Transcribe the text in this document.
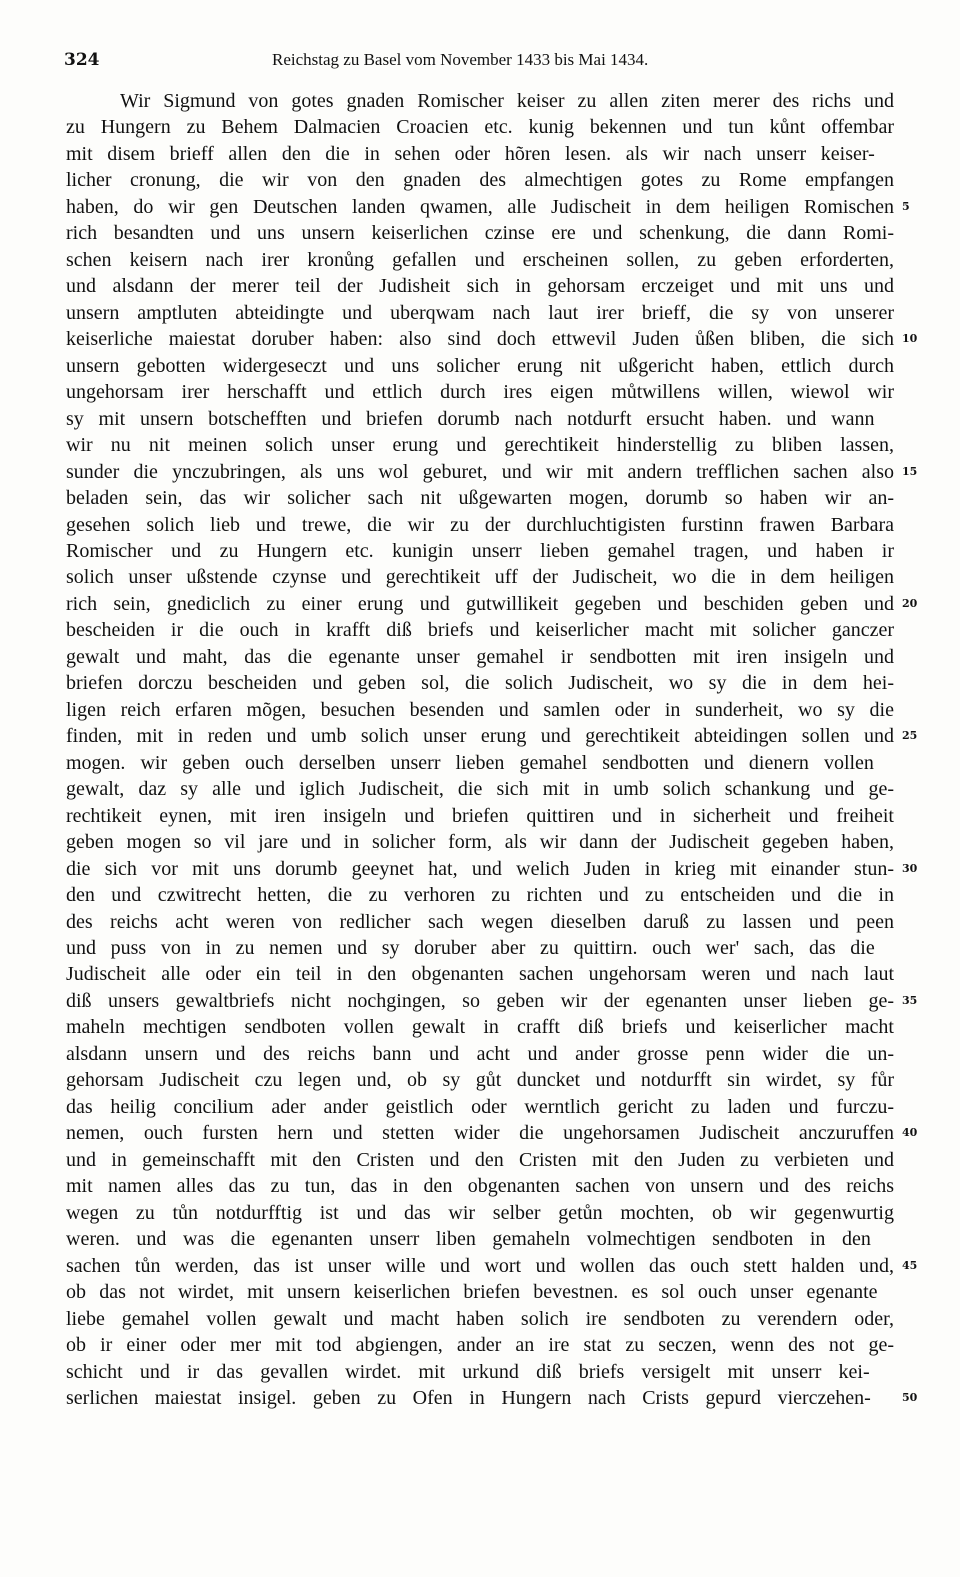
324	Reichstag zu Basel vom November 1433 bis Mai 1434.
Wir Sigmund von gotes gnaden Romischer keiser zu allen ziten merer des richs und
zu Hungern zu Behem Dalmacien Croacien etc. kunig bekennen und tun kůnt offembar
mit disem brieff allen den die in sehen oder hõren lesen. als wir nach unserr keiser-
licher cronung, die wir von den gnaden des almechtigen gotes zu Rome empfangen
haben, do wir gen Deutschen landen qwamen, alle Judischeit in dem heiligen Romischen 5
rich besandten und uns unsern keiserlichen czinse ere und schenkung, die dann Romi-
schen keisern nach irer kronůng gefallen und erscheinen sollen, zu geben erforderten,
und alsdann der merer teil der Judisheit sich in gehorsam erczeiget und mit uns und
unsern amptluten abteidingte und uberqwam nach laut irer brieff, die sy von unserer
keiserliche maiestat doruber haben: also sind doch ettwevil Juden ůßen bliben, die sich 10
unsern gebotten widergeseczt und uns solicher erung nit ußgericht haben, ettlich durch
ungehorsam irer herschafft und ettlich durch ires eigen můtwillens willen, wiewol wir
sy mit unsern botschefften und briefen dorumb nach notdurft ersucht haben. und wann
wir nu nit meinen solich unser erung und gerechtikeit hinderstellig zu bliben lassen,
sunder die ynczubringen, als uns wol geburet, und wir mit andern trefflichen sachen also 15
beladen sein, das wir solicher sach nit ußgewarten mogen, dorumb so haben wir an-
gesehen solich lieb und trewe, die wir zu der durchluchtigisten furstinn frawen Barbara
Romischer und zu Hungern etc. kunigin unserr lieben gemahel tragen, und haben ir
solich unser ußstende czynse und gerechtikeit uff der Judischeit, wo die in dem heiligen
rich sein, gnediclich zu einer erung und gutwillikeit gegeben und beschiden geben und 20
bescheiden ir die ouch in krafft diß briefs und keiserlicher macht mit solicher ganczer
gewalt und maht, das die egenante unser gemahel ir sendbotten mit iren insigeln und
briefen dorczu bescheiden und geben sol, die solich Judischeit, wo sy die in dem hei-
ligen reich erfaren mõgen, besuchen besenden und samlen oder in sunderheit, wo sy die
finden, mit in reden und umb solich unser erung und gerechtikeit abteidingen sollen und 25
mogen. wir geben ouch derselben unserr lieben gemahel sendbotten und dienern vollen
gewalt, daz sy alle und iglich Judischeit, die sich mit in umb solich schankung und ge-
rechtikeit eynen, mit iren insigeln und briefen quittiren und in sicherheit und freiheit
geben mogen so vil jare und in solicher form, als wir dann der Judischeit gegeben haben,
die sich vor mit uns dorumb geeynet hat, und welich Juden in krieg mit einander stun- 30
den und czwitrecht hetten, die zu verhoren zu richten und zu entscheiden und die in
des reichs acht weren von redlicher sach wegen dieselben daruß zu lassen und peen
und puss von in zu nemen und sy doruber aber zu quittirn. ouch wer' sach, das die
Judischeit alle oder ein teil in den obgenanten sachen ungehorsam weren und nach laut
diß unsers gewaltbriefs nicht nochgingen, so geben wir der egenanten unser lieben ge- 35
maheln mechtigen sendboten vollen gewalt in crafft diß briefs und keiserlicher macht
alsdann unsern und des reichs bann und acht und ander grosse penn wider die un-
gehorsam Judischeit czu legen und, ob sy gůt duncket und notdurfft sin wirdet, sy fůr
das heilig concilium ader ander geistlich oder werntlich gericht zu laden und furczu-
nemen, ouch fursten hern und stetten wider die ungehorsamen Judischeit anczuruffen 40
und in gemeinschafft mit den Cristen und den Cristen mit den Juden zu verbieten und
mit namen alles das zu tun, das in den obgenanten sachen von unsern und des reichs
wegen zu tůn notdurfftig ist und das wir selber getůn mochten, ob wir gegenwurtig
weren. und was die egenanten unserr liben gemaheln volmechtigen sendboten in den
sachen tůn werden, das ist unser wille und wort und wollen das ouch stett halden und, 45
ob das not wirdet, mit unsern keiserlichen briefen bevestnen. es sol ouch unser egenante
liebe gemahel vollen gewalt und macht haben solich ire sendboten zu verendern oder,
ob ir einer oder mer mit tod abgiengen, ander an ire stat zu seczen, wenn des not ge-
schicht und ir das gevallen wirdet. mit urkund diß briefs versigelt mit unserr kei-
serlichen maiestat insigel. geben zu Ofen in Hungern nach Crists gepurd vierczehen-	50
